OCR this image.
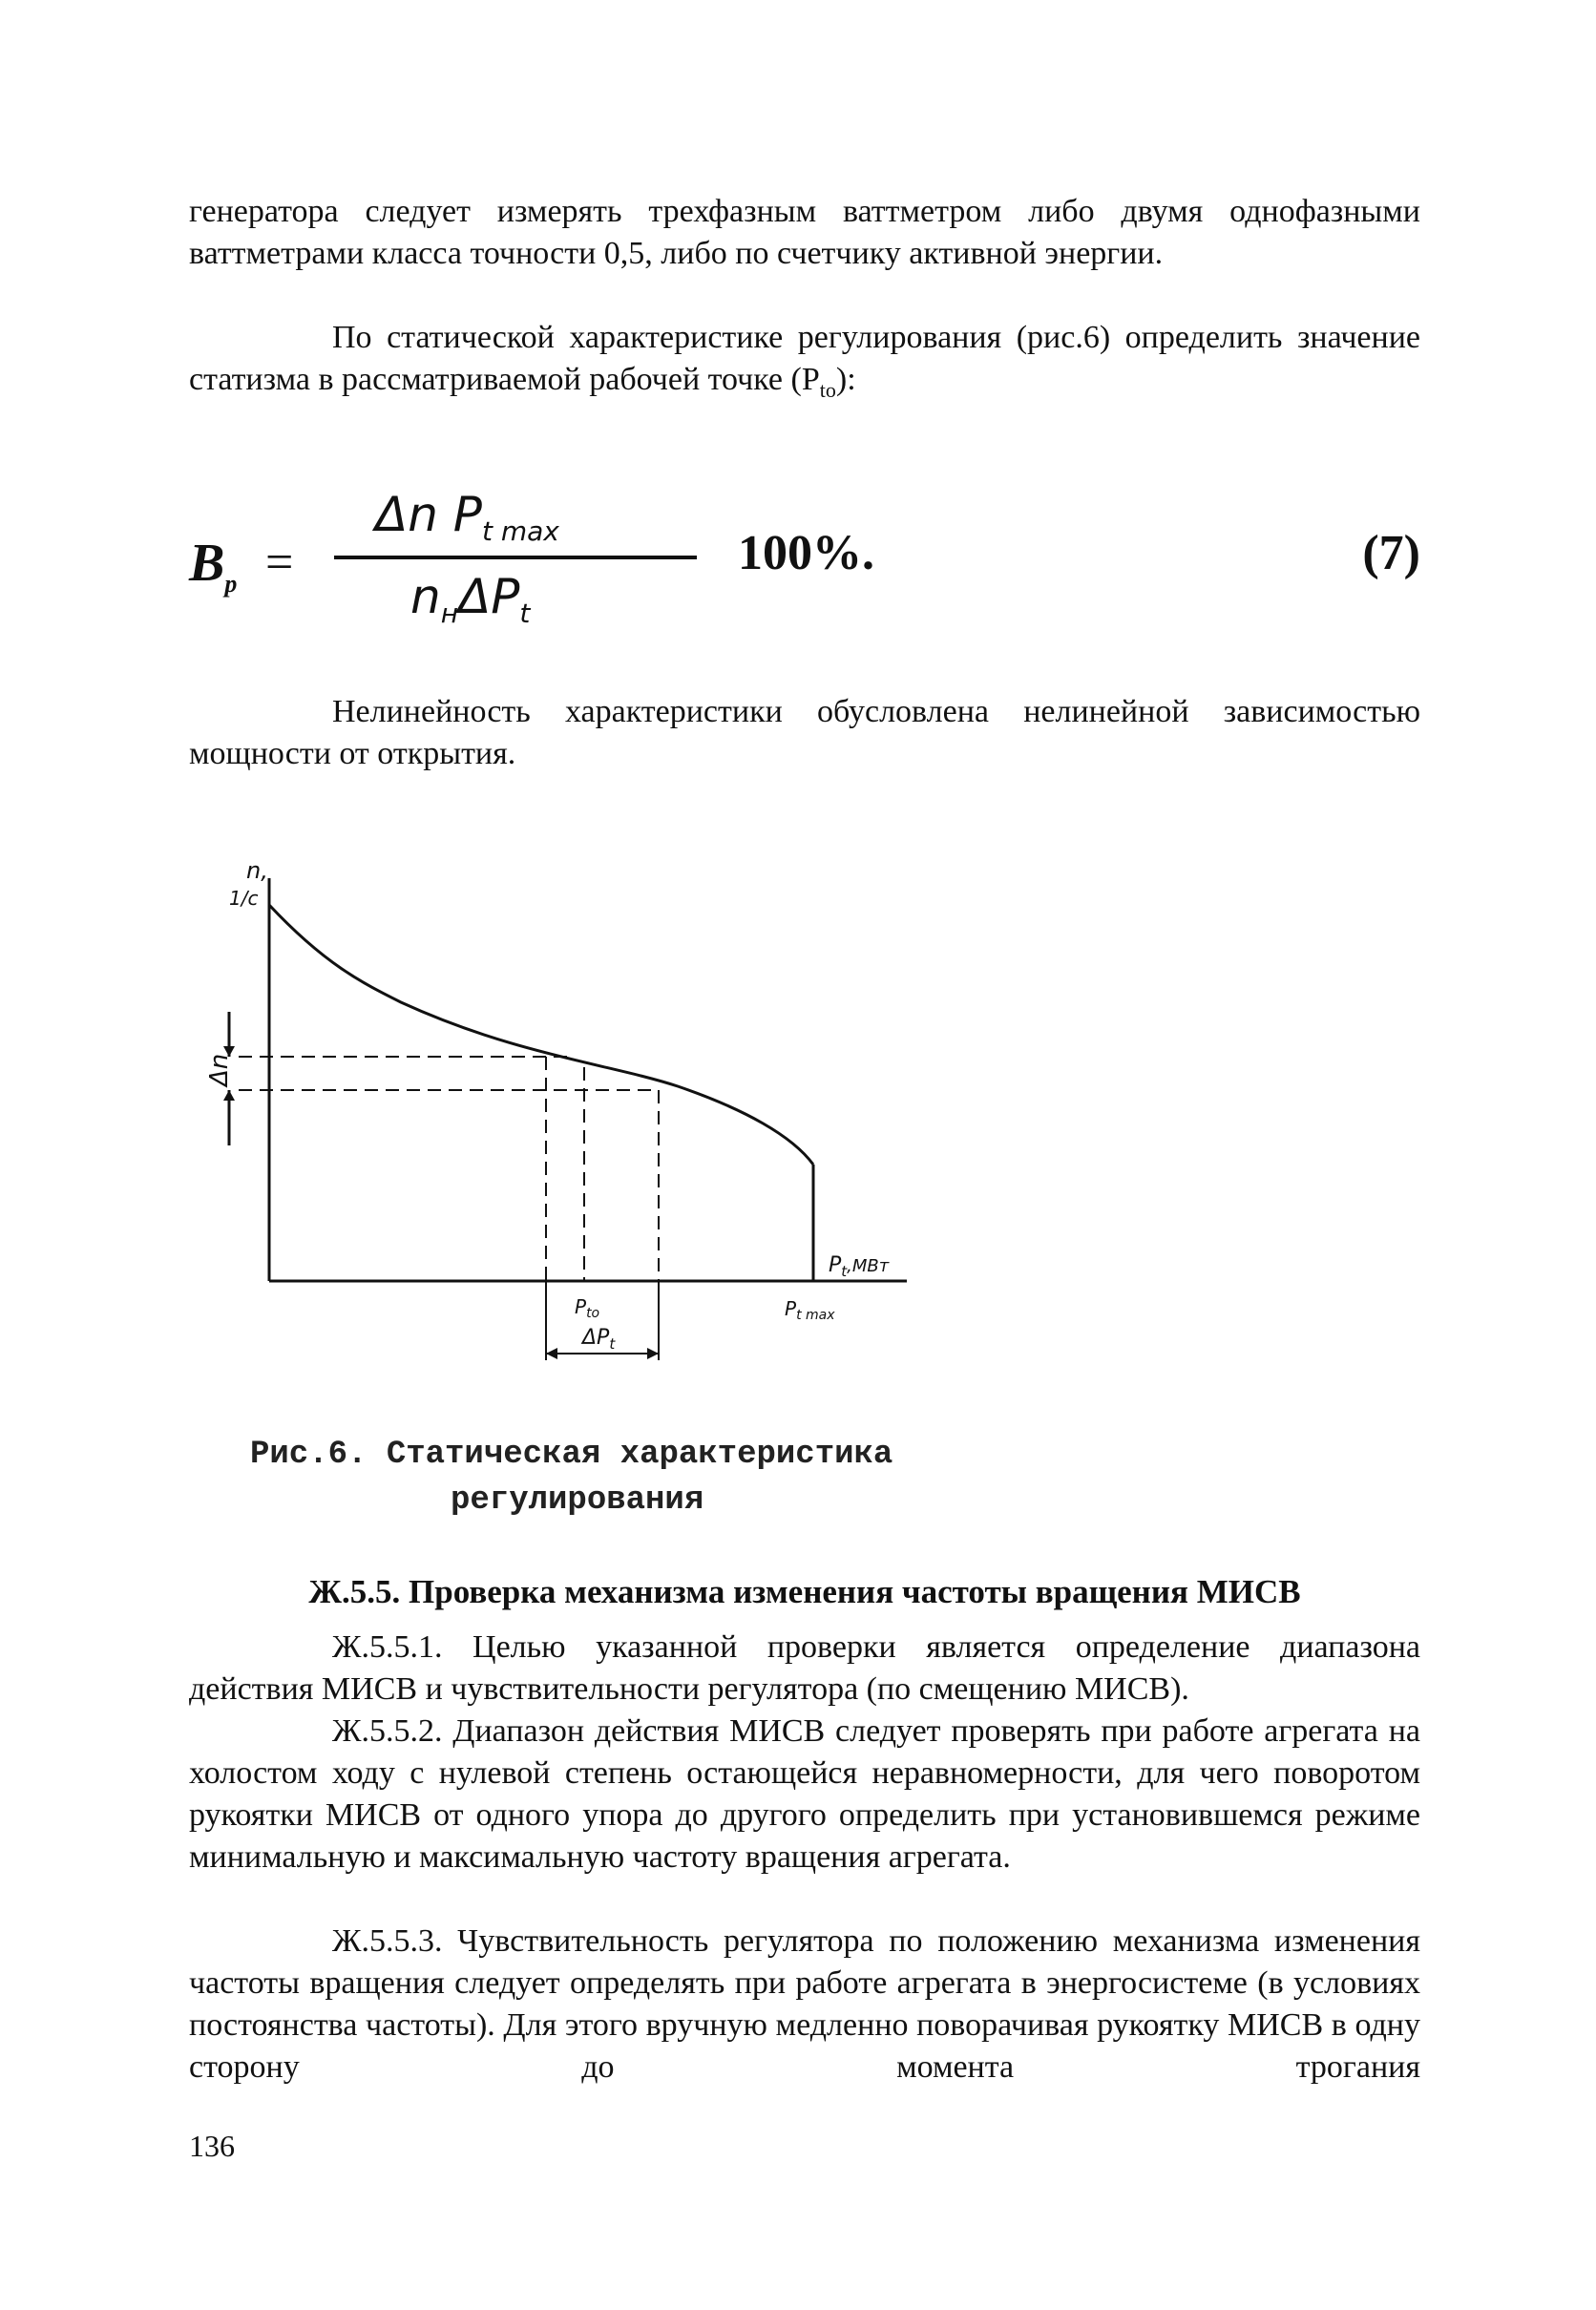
генератора следует измерять трехфазным ваттметром либо двумя однофазными ваттметрами класса точности 0,5, либо по счетчику активной энергии.
По статической характеристике регулирования (рис.6) определить значение статизма в рассматриваемой рабочей точке $(P_{to})$:
$B_p$ =
Δn $P_{t max}$
$n_н\Delta P_t$
100%.	(7)
Нелинейность характеристики обусловлена нелинейной зависимостью мощности от открытия.
Δn
n,
1/c
$P_t^{,МВт}$
$P_{t max}$
$P_{to}$
$\Delta P_t$
Рис.6. Статическая характеристика
регулирования
Ж.5.5. Проверка механизма изменения частоты вращения МИСВ
Ж.5.5.1. Целью указанной проверки является определение диапазона действия МИСВ и чувствительности регулятора (по смещению МИСВ).
Ж.5.5.2. Диапазон действия МИСВ следует проверять при работе агрегата на холостом ходу с нулевой степень остающейся неравномерности, для чего поворотом рукоятки МИСВ от одного упора до другого определить при установившемся режиме минимальную и максимальную частоту вращения агрегата.
Ж.5.5.3. Чувствительность регулятора по положению механизма изменения частоты вращения следует определять при работе агрегата в энергосистеме (в условиях постоянства частоты). Для этого вручную медленно поворачивая рукоятку МИСВ в одну сторону до момента трогания
136
